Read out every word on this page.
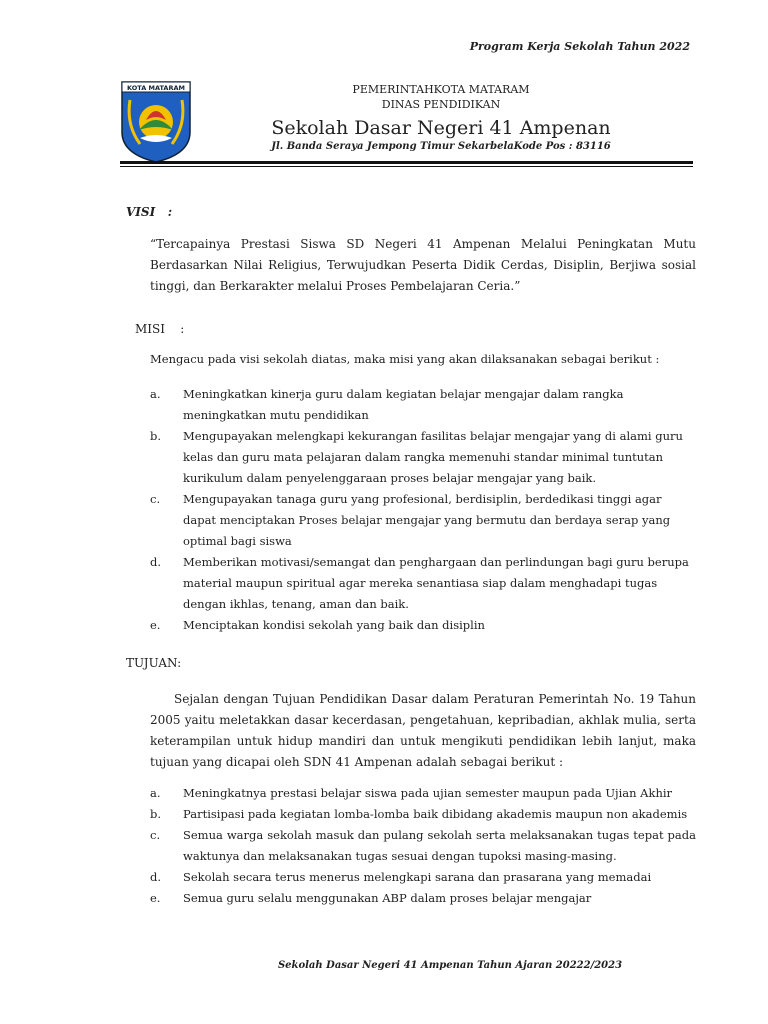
Program Kerja Sekolah Tahun 2022
KOTA MATARAM	PEMERINTAHKOTA MATARAM
DINAS PENDIDIKAN
Sekolah Dasar Negeri 41 Ampenan
Jl. Banda Seraya Jempong Timur SekarbelaKode Pos : 83116
VISI   :
“Tercapainya Prestasi Siswa SD Negeri 41 Ampenan Melalui Peningkatan Mutu Berdasarkan Nilai Religius, Terwujudkan Peserta Didik Cerdas, Disiplin, Berjiwa sosial tinggi, dan Berkarakter melalui Proses Pembelajaran Ceria.”
MISI    :
Mengacu pada visi sekolah diatas, maka misi yang akan dilaksanakan sebagai berikut :
a.	Meningkatkan kinerja guru dalam kegiatan belajar mengajar dalam rangka meningkatkan mutu pendidikan
b.	Mengupayakan melengkapi kekurangan fasilitas belajar mengajar yang di alami guru kelas dan guru mata pelajaran dalam rangka memenuhi standar minimal tuntutan kurikulum dalam penyelenggaraan proses belajar mengajar yang baik.
c.	Mengupayakan tanaga guru yang profesional, berdisiplin, berdedikasi tinggi agar dapat menciptakan Proses belajar mengajar yang bermutu dan berdaya serap yang optimal bagi siswa
d.	Memberikan motivasi/semangat dan penghargaan dan perlindungan bagi guru berupa material maupun spiritual agar mereka senantiasa siap dalam menghadapi tugas dengan ikhlas, tenang, aman dan baik.
e.	Menciptakan kondisi sekolah yang baik dan disiplin
TUJUAN:
Sejalan dengan Tujuan Pendidikan Dasar dalam Peraturan Pemerintah No. 19 Tahun 2005 yaitu meletakkan dasar kecerdasan, pengetahuan, kepribadian, akhlak mulia, serta keterampilan untuk hidup mandiri dan untuk mengikuti pendidikan lebih lanjut, maka tujuan yang dicapai oleh SDN 41 Ampenan adalah sebagai berikut :
a.	Meningkatnya prestasi belajar siswa pada ujian semester maupun pada Ujian Akhir
b.	Partisipasi pada kegiatan lomba-lomba baik dibidang akademis maupun non akademis
c.	Semua warga sekolah masuk dan pulang sekolah serta melaksanakan tugas tepat pada waktunya dan melaksanakan tugas sesuai dengan tupoksi masing-masing.
d.	Sekolah secara terus menerus melengkapi sarana dan prasarana yang memadai
e.	Semua guru selalu menggunakan ABP dalam proses belajar mengajar
Sekolah Dasar Negeri 41 Ampenan Tahun Ajaran 20222/2023
